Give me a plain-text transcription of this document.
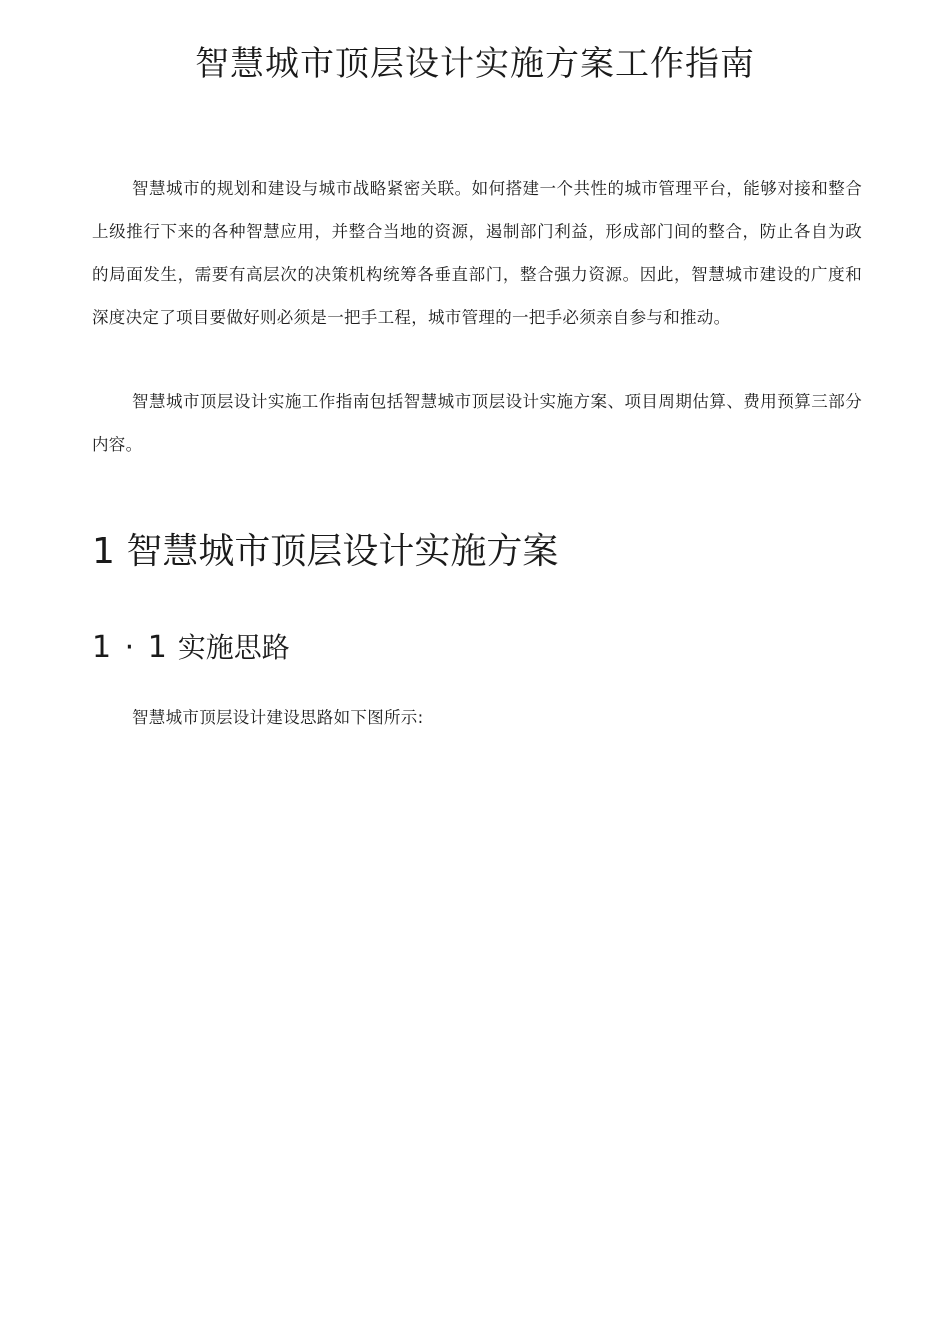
智慧城市顶层设计实施方案工作指南

智慧城市的规划和建设与城市战略紧密关联。如何搭建一个共性的城市管理平台，能够对接和整合上级推行下来的各种智慧应用，并整合当地的资源，遏制部门利益，形成部门间的整合，防止各自为政的局面发生，需要有高层次的决策机构统筹各垂直部门，整合强力资源。因此，智慧城市建设的广度和深度决定了项目要做好则必须是一把手工程，城市管理的一把手必须亲自参与和推动。

智慧城市顶层设计实施工作指南包括智慧城市顶层设计实施方案、项目周期估算、费用预算三部分内容。

1 智慧城市顶层设计实施方案
1 · 1 实施思路

智慧城市顶层设计建设思路如下图所示:
